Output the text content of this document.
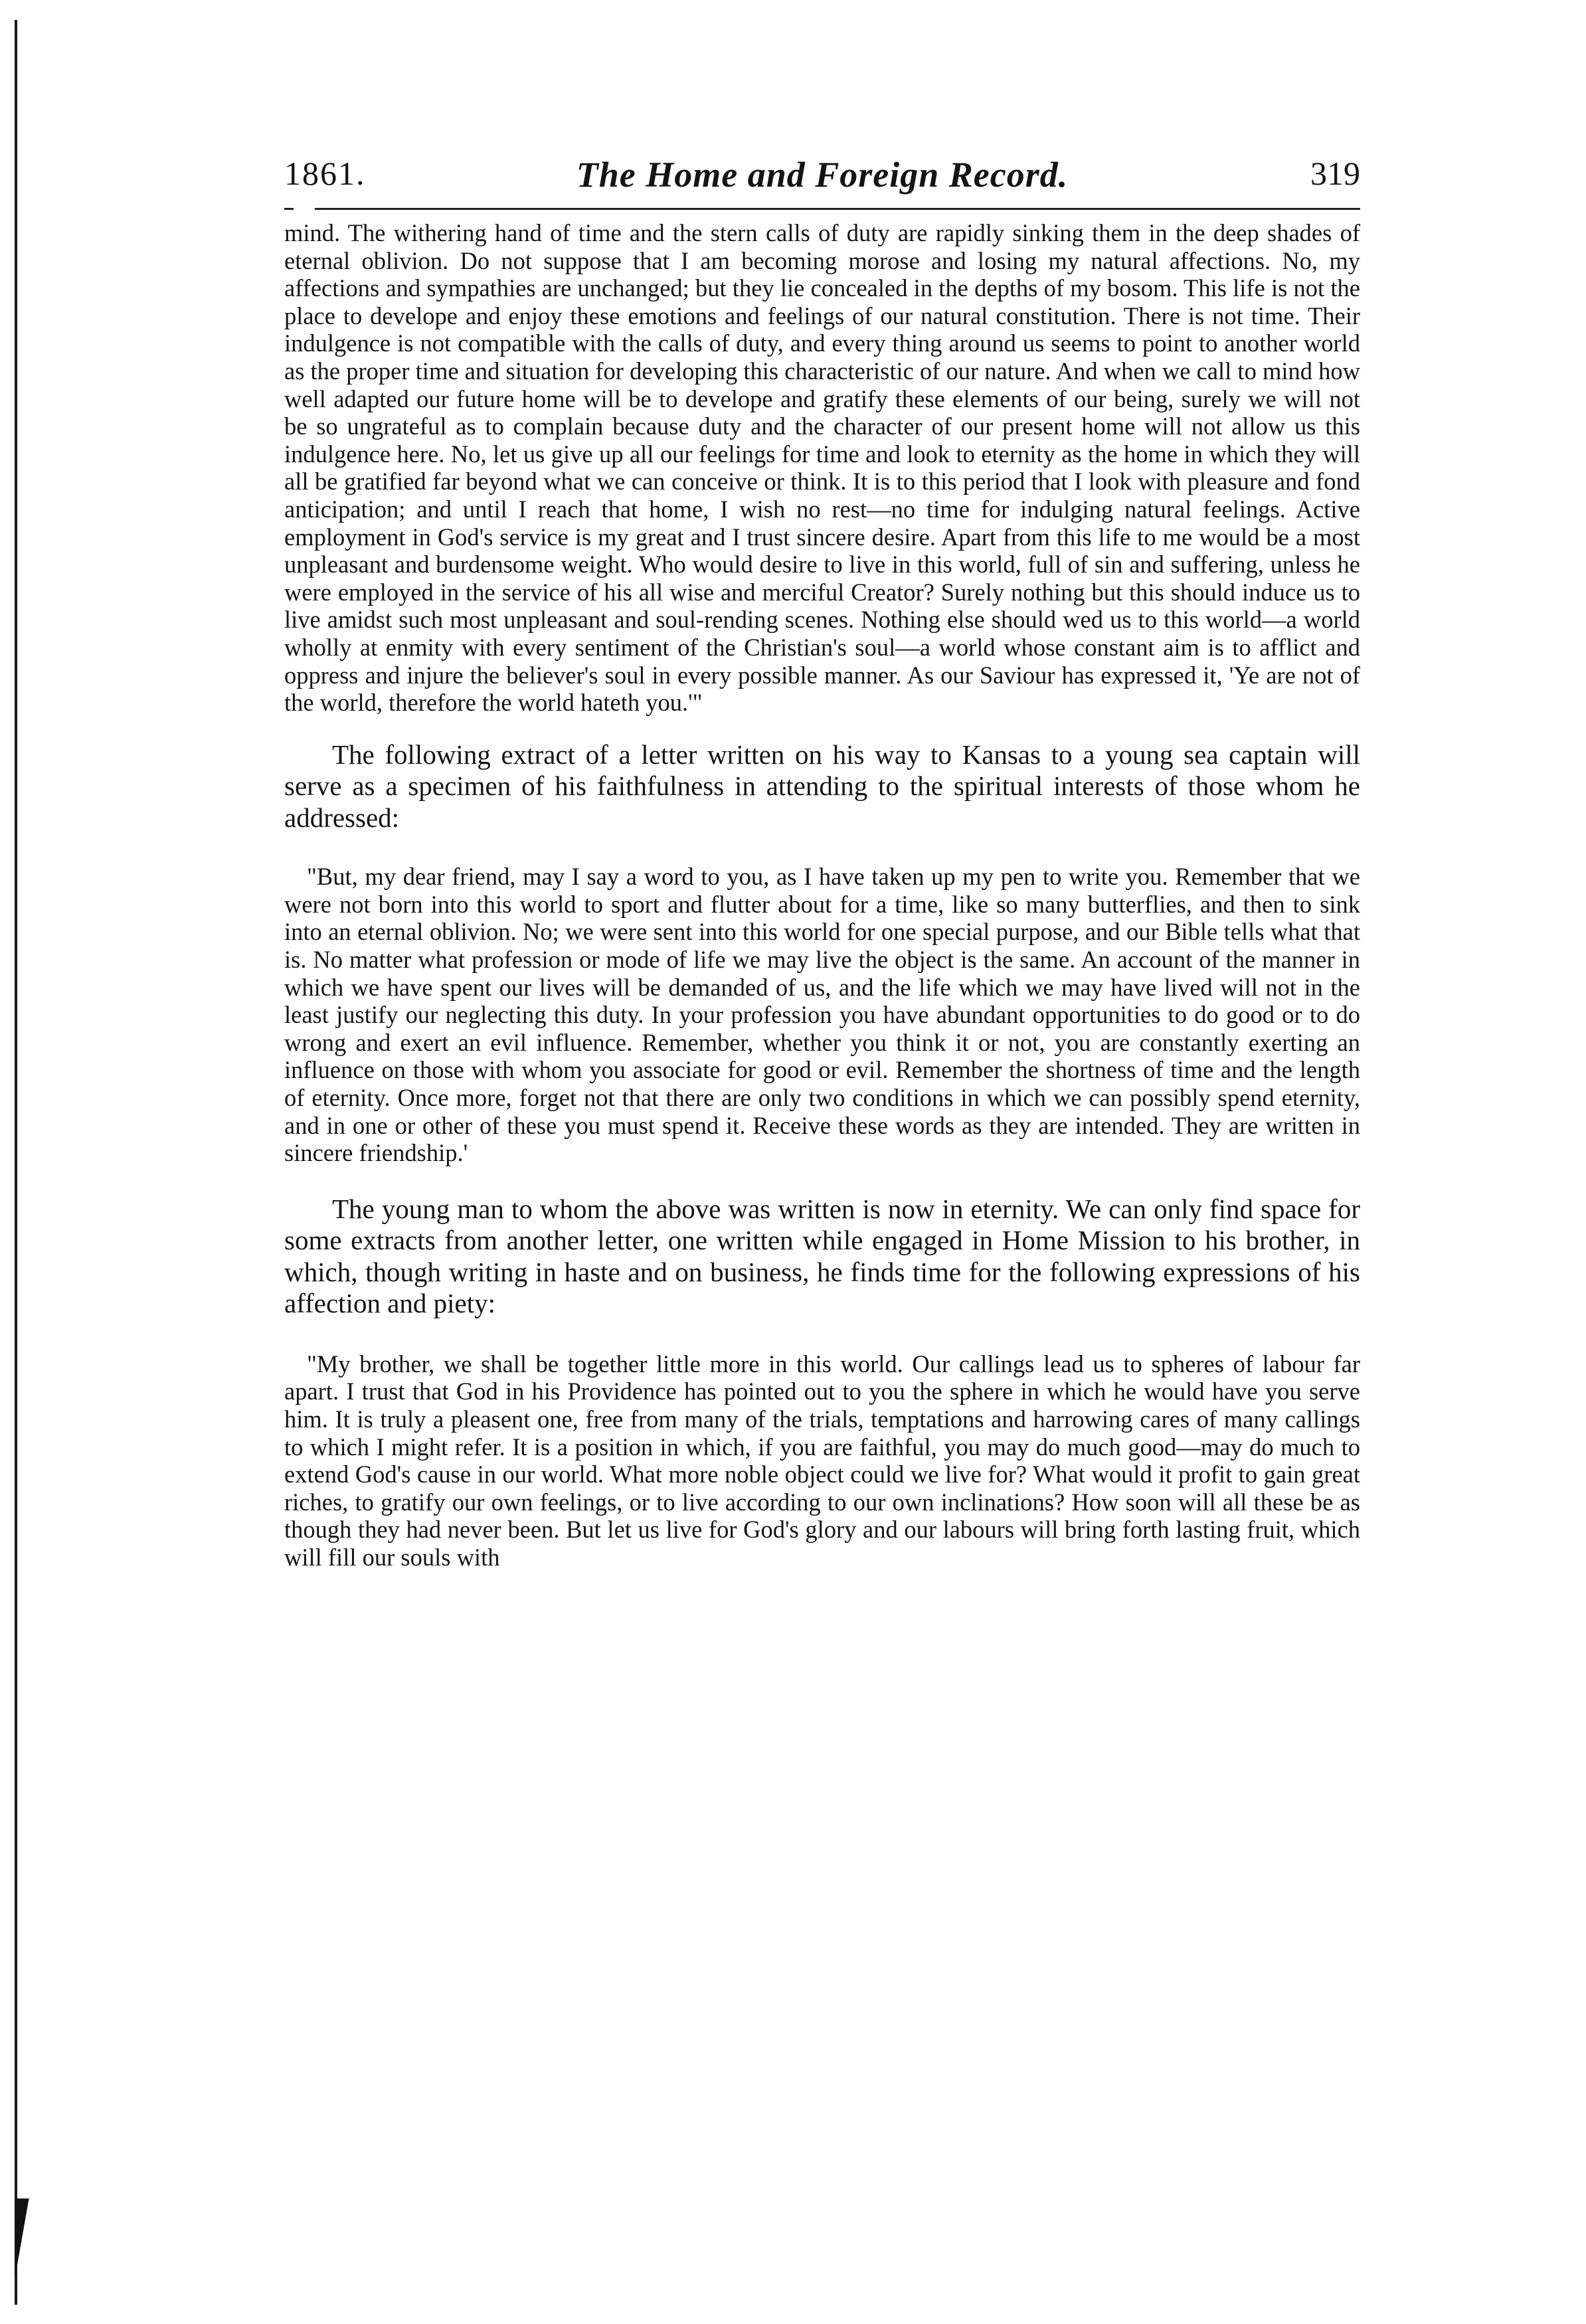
1861.	The Home and Foreign Record.	319

mind. The withering hand of time and the stern calls of duty are rapidly sinking them in the deep shades of eternal oblivion. Do not suppose that I am becoming morose and losing my natural affections. No, my affections and sympathies are unchanged; but they lie concealed in the depths of my bosom. This life is not the place to develope and enjoy these emotions and feelings of our natural constitution. There is not time. Their indulgence is not compatible with the calls of duty, and every thing around us seems to point to another world as the proper time and situation for developing this characteristic of our nature. And when we call to mind how well adapted our future home will be to develope and gratify these elements of our being, surely we will not be so ungrateful as to complain because duty and the character of our present home will not allow us this indulgence here. No, let us give up all our feelings for time and look to eternity as the home in which they will all be gratified far beyond what we can conceive or think. It is to this period that I look with pleasure and fond anticipation; and until I reach that home, I wish no rest—no time for indulging natural feelings. Active employment in God's service is my great and I trust sincere desire. Apart from this life to me would be a most unpleasant and burdensome weight. Who would desire to live in this world, full of sin and suffering, unless he were employed in the service of his all wise and merciful Creator? Surely nothing but this should induce us to live amidst such most unpleasant and soul-rending scenes. Nothing else should wed us to this world—a world wholly at enmity with every sentiment of the Christian's soul—a world whose constant aim is to afflict and oppress and injure the believer's soul in every possible manner. As our Saviour has expressed it, 'Ye are not of the world, therefore the world hateth you.'"

The following extract of a letter written on his way to Kansas to a young sea captain will serve as a specimen of his faithfulness in attending to the spiritual interests of those whom he addressed:

"But, my dear friend, may I say a word to you, as I have taken up my pen to write you. Remember that we were not born into this world to sport and flutter about for a time, like so many butterflies, and then to sink into an eternal oblivion. No; we were sent into this world for one special purpose, and our Bible tells what that is. No matter what profession or mode of life we may live the object is the same. An account of the manner in which we have spent our lives will be demanded of us, and the life which we may have lived will not in the least justify our neglecting this duty. In your profession you have abundant opportunities to do good or to do wrong and exert an evil influence. Remember, whether you think it or not, you are constantly exerting an influence on those with whom you associate for good or evil. Remember the shortness of time and the length of eternity. Once more, forget not that there are only two conditions in which we can possibly spend eternity, and in one or other of these you must spend it. Receive these words as they are intended. They are written in sincere friendship.'

The young man to whom the above was written is now in eternity. We can only find space for some extracts from another letter, one written while engaged in Home Mission to his brother, in which, though writing in haste and on business, he finds time for the following expressions of his affection and piety:

"My brother, we shall be together little more in this world. Our callings lead us to spheres of labour far apart. I trust that God in his Providence has pointed out to you the sphere in which he would have you serve him. It is truly a pleasent one, free from many of the trials, temptations and harrowing cares of many callings to which I might refer. It is a position in which, if you are faithful, you may do much good—may do much to extend God's cause in our world. What more noble object could we live for? What would it profit to gain great riches, to gratify our own feelings, or to live according to our own inclinations? How soon will all these be as though they had never been. But let us live for God's glory and our labours will bring forth lasting fruit, which will fill our souls with
